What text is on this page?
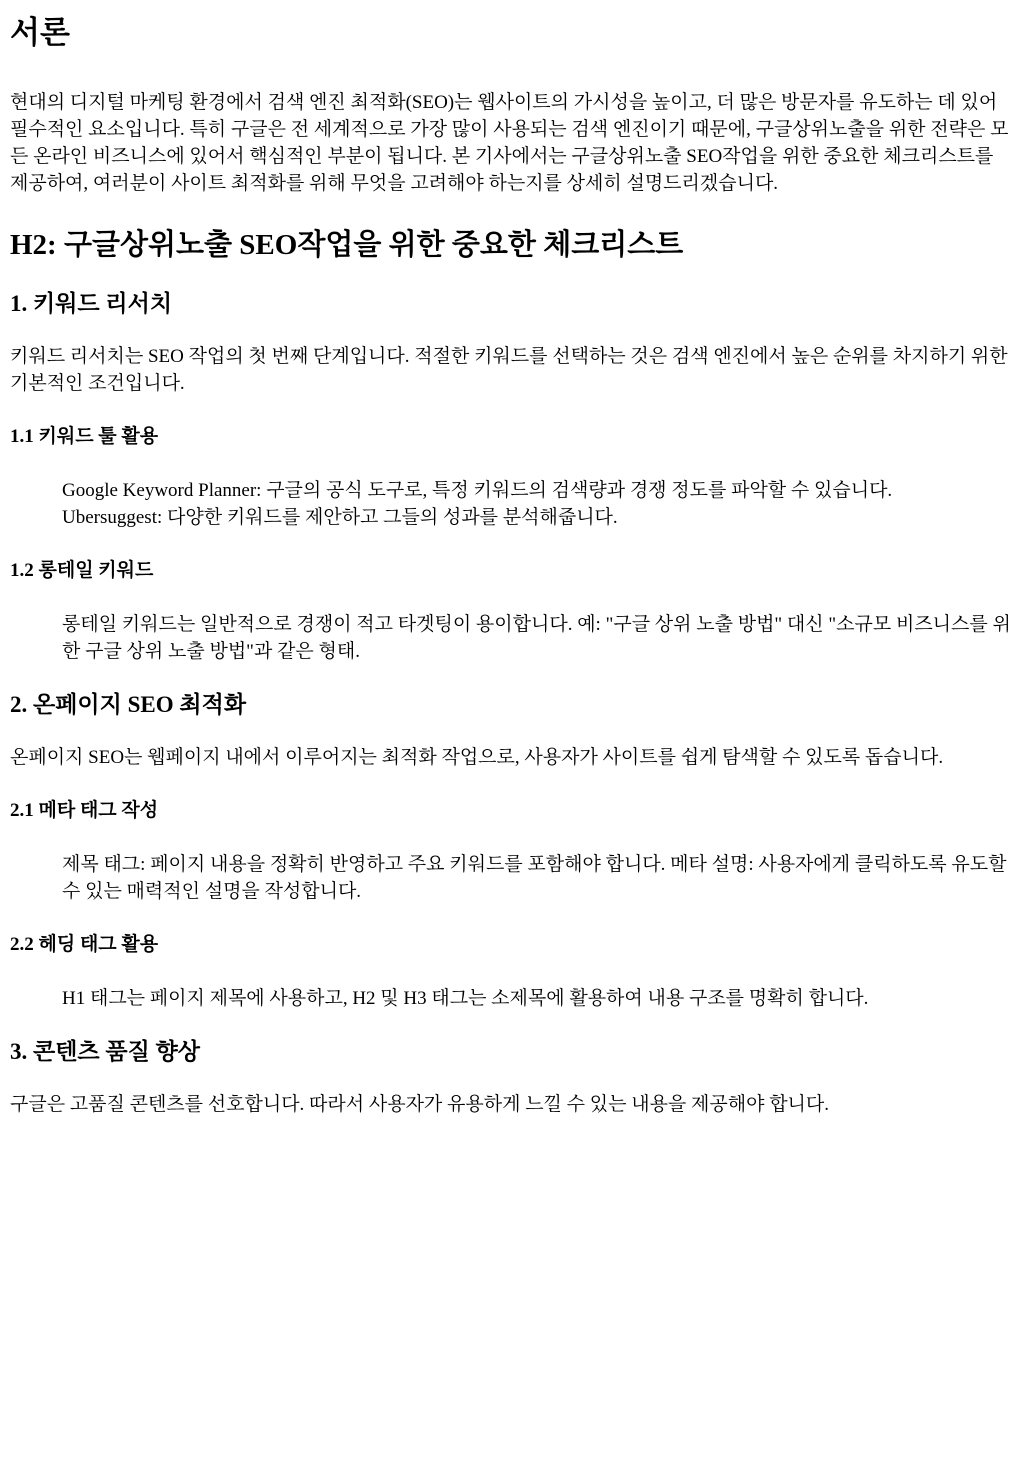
서론

현대의 디지털 마케팅 환경에서 검색 엔진 최적화(SEO)는 웹사이트의 가시성을 높이고, 더 많은 방문자를 유도하는 데 있어 필수적인 요소입니다. 특히 구글은 전 세계적으로 가장 많이 사용되는 검색 엔진이기 때문에, 구글상위노출을 위한 전략은 모든 온라인 비즈니스에 있어서 핵심적인 부분이 됩니다. 본 기사에서는 구글상위노출 SEO작업을 위한 중요한 체크리스트를 제공하여, 여러분이 사이트 최적화를 위해 무엇을 고려해야 하는지를 상세히 설명드리겠습니다.

H2: 구글상위노출 SEO작업을 위한 중요한 체크리스트
1. 키워드 리서치

키워드 리서치는 SEO 작업의 첫 번째 단계입니다. 적절한 키워드를 선택하는 것은 검색 엔진에서 높은 순위를 차지하기 위한 기본적인 조건입니다.

1.1 키워드 툴 활용
Google Keyword Planner: 구글의 공식 도구로, 특정 키워드의 검색량과 경쟁 정도를 파악할 수 있습니다.
Ubersuggest: 다양한 키워드를 제안하고 그들의 성과를 분석해줍니다.
1.2 롱테일 키워드
롱테일 키워드는 일반적으로 경쟁이 적고 타겟팅이 용이합니다. 예: "구글 상위 노출 방법" 대신 "소규모 비즈니스를 위한 구글 상위 노출 방법"과 같은 형태.
2. 온페이지 SEO 최적화

온페이지 SEO는 웹페이지 내에서 이루어지는 최적화 작업으로, 사용자가 사이트를 쉽게 탐색할 수 있도록 돕습니다.

2.1 메타 태그 작성
제목 태그: 페이지 내용을 정확히 반영하고 주요 키워드를 포함해야 합니다. 메타 설명: 사용자에게 클릭하도록 유도할 수 있는 매력적인 설명을 작성합니다.
2.2 헤딩 태그 활용
H1 태그는 페이지 제목에 사용하고, H2 및 H3 태그는 소제목에 활용하여 내용 구조를 명확히 합니다.
3. 콘텐츠 품질 향상

구글은 고품질 콘텐츠를 선호합니다. 따라서 사용자가 유용하게 느낄 수 있는 내용을 제공해야 합니다.
